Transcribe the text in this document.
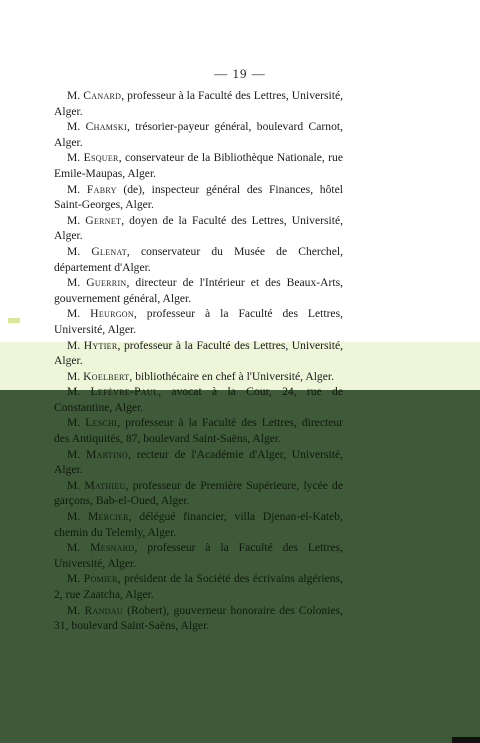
— 19 —

M. Canard, professeur à la Faculté des Lettres, Université, Alger.

M. Chamski, trésorier-payeur général, boulevard Carnot, Alger.

M. Esquer, conservateur de la Bibliothèque Nationale, rue Emile-Maupas, Alger.

M. Fabry (de), inspecteur général des Finances, hôtel Saint-Georges, Alger.

M. Gernet, doyen de la Faculté des Lettres, Université, Alger.

M. Glenat, conservateur du Musée de Cherchel, département d'Alger.

M. Guerrin, directeur de l'Intérieur et des Beaux-Arts, gouvernement général, Alger.

M. Heurgon, professeur à la Faculté des Lettres, Université, Alger.

M. Hytier, professeur à la Faculté des Lettres, Université, Alger.

M. Koelbert, bibliothécaire en chef à l'Université, Alger.

M. Lefèvre-Paul, avocat à la Cour, 24, rue de Constantine, Alger.

M. Leschi, professeur à la Faculté des Lettres, directeur des Antiquités, 87, boulevard Saint-Saëns, Alger.

M. Martino, recteur de l'Académie d'Alger, Université, Alger.

M. Mathieu, professeur de Première Supérieure, lycée de garçons, Bab-el-Oued, Alger.

M. Mercier, délégué financier, villa Djenan-el-Kateb, chemin du Telemly, Alger.

M. Mesnard, professeur à la Faculté des Lettres, Université, Alger.

M. Pomier, président de la Société des écrivains algériens, 2, rue Zaatcha, Alger.

M. Randau (Robert), gouverneur honoraire des Colonies, 31, boulevard Saint-Saëns, Alger.
